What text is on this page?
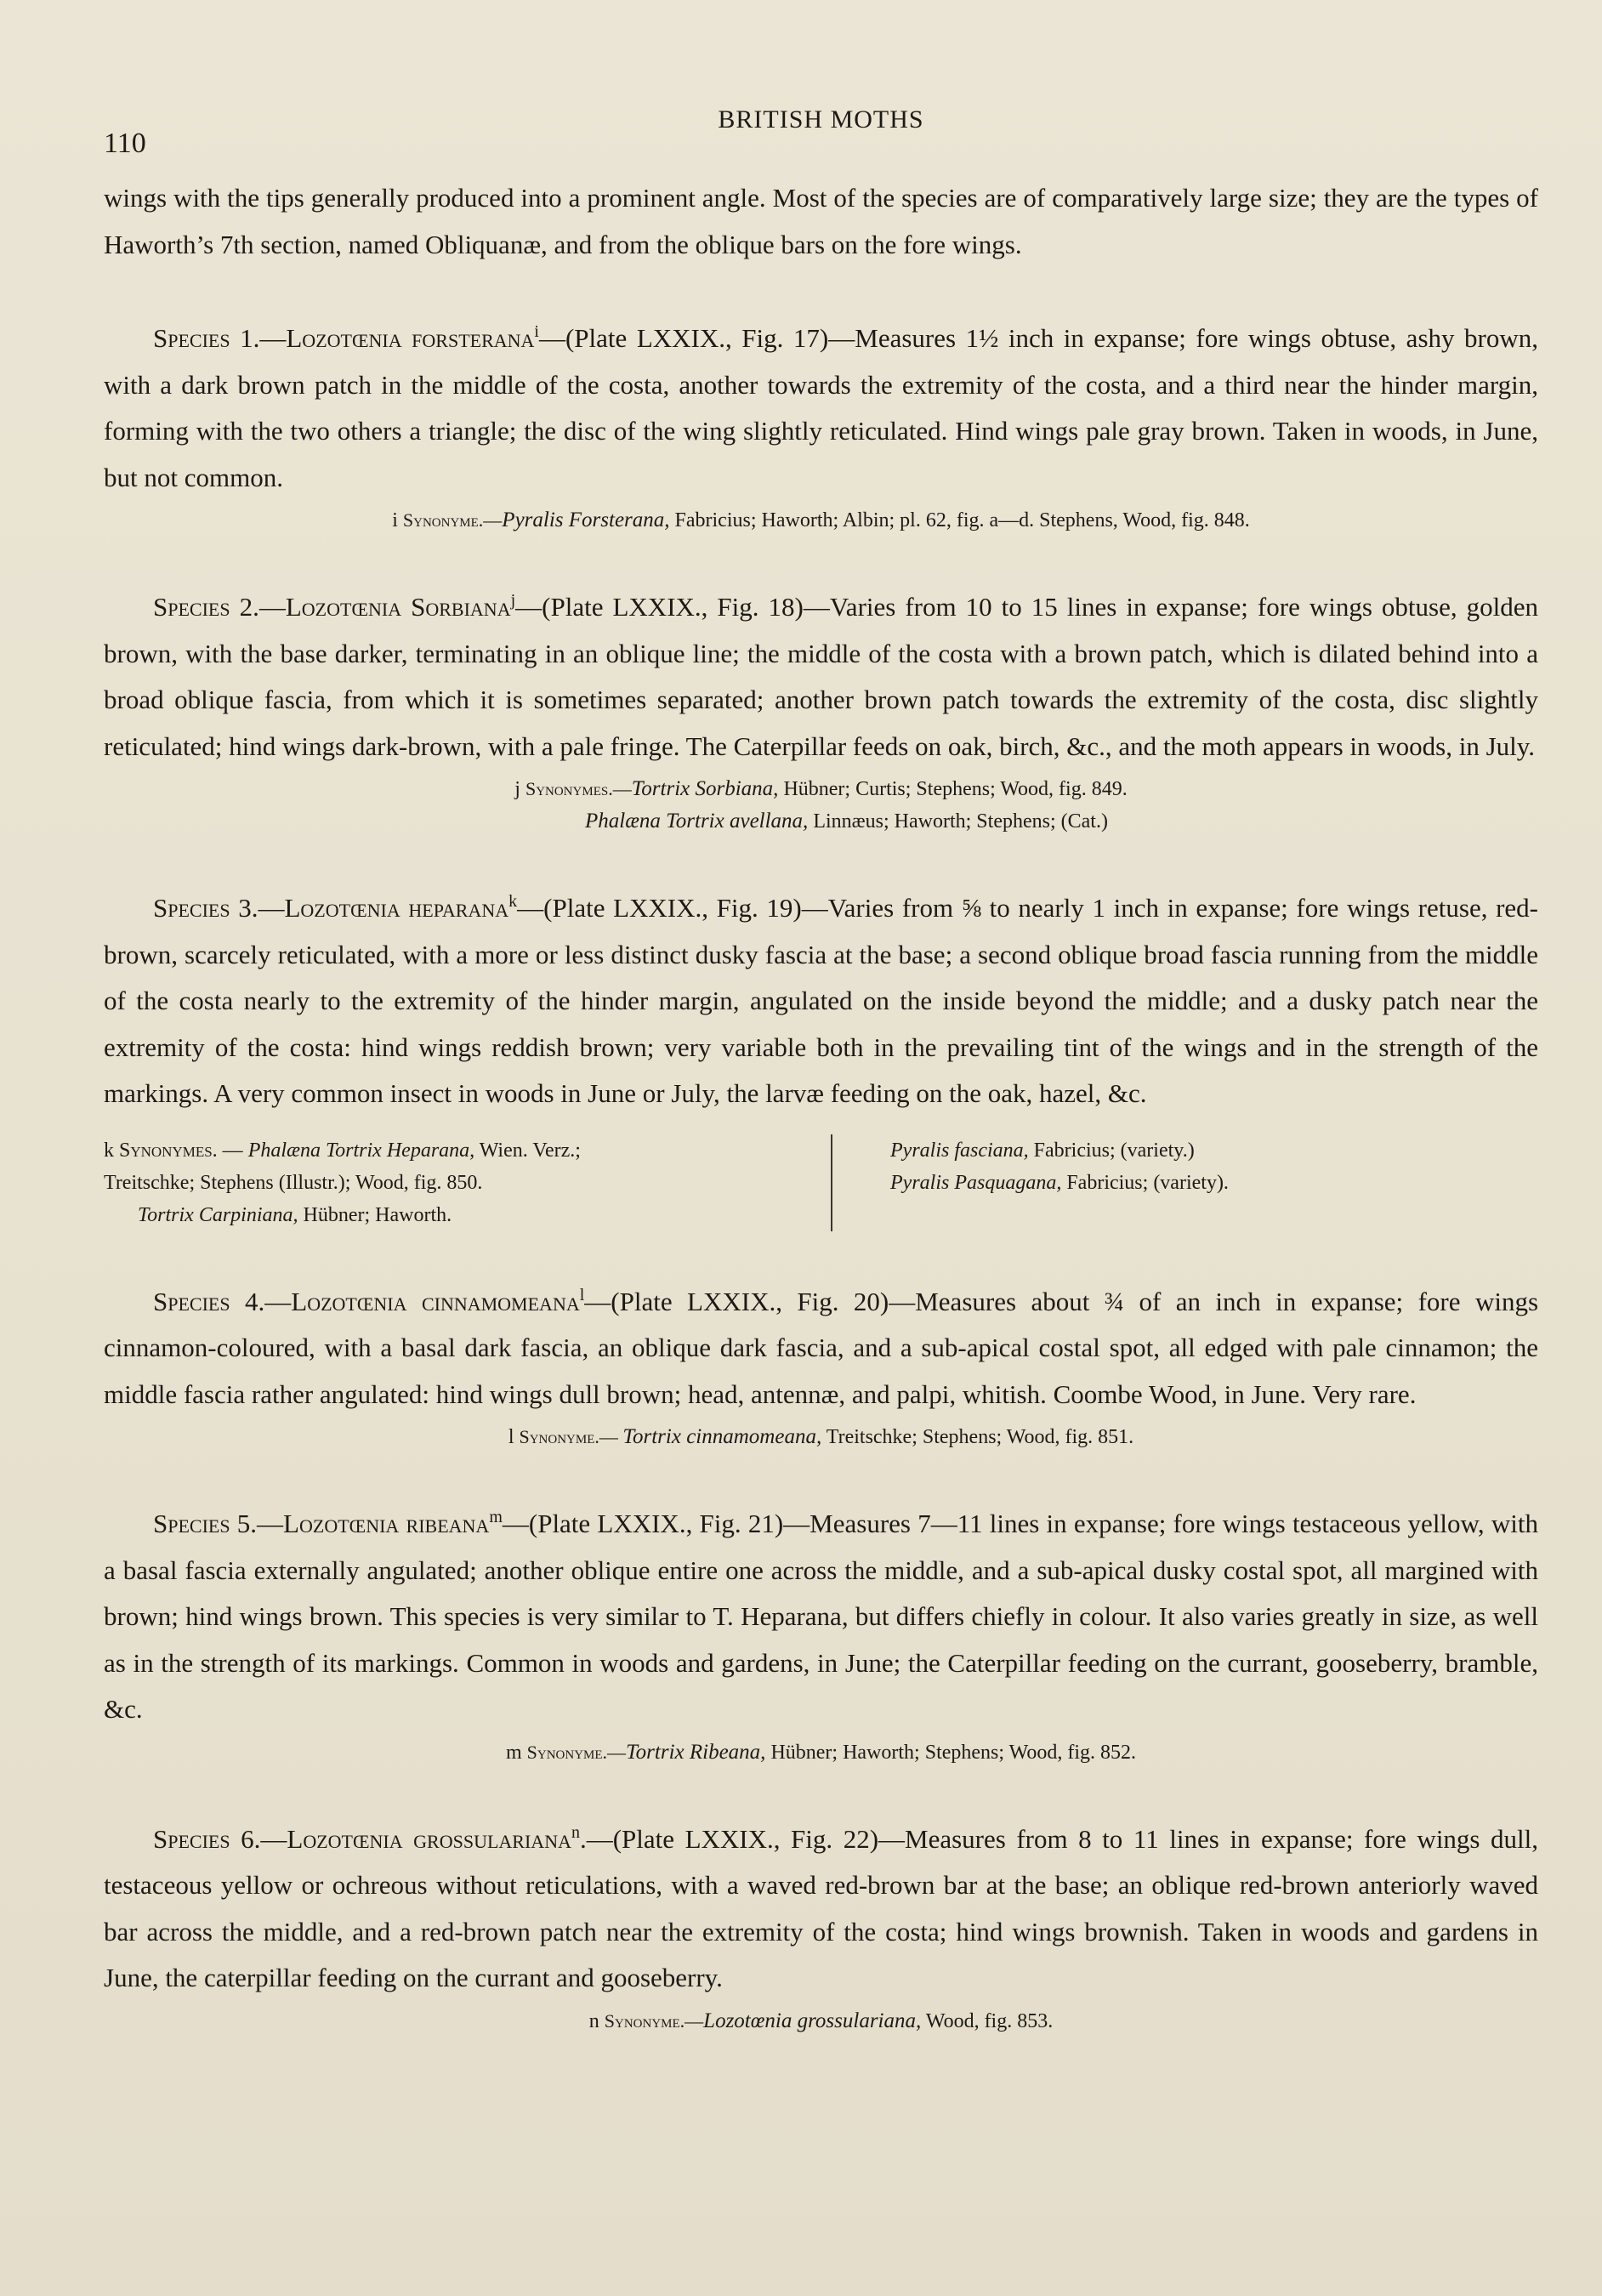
110
BRITISH MOTHS

wings with the tips generally produced into a prominent angle. Most of the species are of comparatively large size; they are the types of Haworth’s 7th section, named Obliquanæ, and from the oblique bars on the fore wings.

Species 1.—Lozotœnia forsterana$^i$—(Plate LXXIX., Fig. 17)—Measures 1½ inch in expanse; fore wings obtuse, ashy brown, with a dark brown patch in the middle of the costa, another towards the extremity of the costa, and a third near the hinder margin, forming with the two others a triangle; the disc of the wing slightly reticulated. Hind wings pale gray brown. Taken in woods, in June, but not common.

i Synonyme.—Pyralis Forsterana, Fabricius; Haworth; Albin; pl. 62, fig. a—d. Stephens, Wood, fig. 848.

Species 2.—Lozotœnia Sorbiana$^j$—(Plate LXXIX., Fig. 18)—Varies from 10 to 15 lines in expanse; fore wings obtuse, golden brown, with the base darker, terminating in an oblique line; the middle of the costa with a brown patch, which is dilated behind into a broad oblique fascia, from which it is sometimes separated; another brown patch towards the extremity of the costa, disc slightly reticulated; hind wings dark-brown, with a pale fringe. The Caterpillar feeds on oak, birch, &c., and the moth appears in woods, in July.

j Synonymes.—Tortrix Sorbiana, Hübner; Curtis; Stephens; Wood, fig. 849.
Phalæna Tortrix avellana, Linnæus; Haworth; Stephens; (Cat.)

Species 3.—Lozotœnia heparana$^k$—(Plate LXXIX., Fig. 19)—Varies from ⅝ to nearly 1 inch in expanse; fore wings retuse, red-brown, scarcely reticulated, with a more or less distinct dusky fascia at the base; a second oblique broad fascia running from the middle of the costa nearly to the extremity of the hinder margin, angulated on the inside beyond the middle; and a dusky patch near the extremity of the costa: hind wings reddish brown; very variable both in the prevailing tint of the wings and in the strength of the markings. A very common insect in woods in June or July, the larvæ feeding on the oak, hazel, &c.

k Synonymes. — Phalæna Tortrix Heparana, Wien. Verz.;
Treitschke; Stephens (Illustr.); Wood, fig. 850.
Tortrix Carpiniana, Hübner; Haworth.
Pyralis fasciana, Fabricius; (variety.)
Pyralis Pasquagana, Fabricius; (variety).

Species 4.—Lozotœnia cinnamomeana$^l$—(Plate LXXIX., Fig. 20)—Measures about ¾ of an inch in expanse; fore wings cinnamon-coloured, with a basal dark fascia, an oblique dark fascia, and a sub-apical costal spot, all edged with pale cinnamon; the middle fascia rather angulated: hind wings dull brown; head, antennæ, and palpi, whitish. Coombe Wood, in June. Very rare.

l Synonyme.— Tortrix cinnamomeana, Treitschke; Stephens; Wood, fig. 851.

Species 5.—Lozotœnia ribeana$^m$—(Plate LXXIX., Fig. 21)—Measures 7—11 lines in expanse; fore wings testaceous yellow, with a basal fascia externally angulated; another oblique entire one across the middle, and a sub-apical dusky costal spot, all margined with brown; hind wings brown. This species is very similar to T. Heparana, but differs chiefly in colour. It also varies greatly in size, as well as in the strength of its markings. Common in woods and gardens, in June; the Caterpillar feeding on the currant, gooseberry, bramble, &c.

m Synonyme.—Tortrix Ribeana, Hübner; Haworth; Stephens; Wood, fig. 852.

Species 6.—Lozotœnia grossulariana$^n$.—(Plate LXXIX., Fig. 22)—Measures from 8 to 11 lines in expanse; fore wings dull, testaceous yellow or ochreous without reticulations, with a waved red-brown bar at the base; an oblique red-brown anteriorly waved bar across the middle, and a red-brown patch near the extremity of the costa; hind wings brownish. Taken in woods and gardens in June, the caterpillar feeding on the currant and gooseberry.

n Synonyme.—Lozotœnia grossulariana, Wood, fig. 853.
